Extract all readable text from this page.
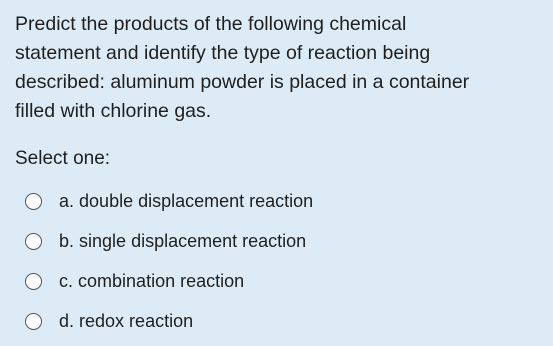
Predict the products of the following chemical
statement and identify the type of reaction being
described: aluminum powder is placed in a container
filled with chlorine gas.
Select one:
a. double displacement reaction
b. single displacement reaction
c. combination reaction
d. redox reaction
